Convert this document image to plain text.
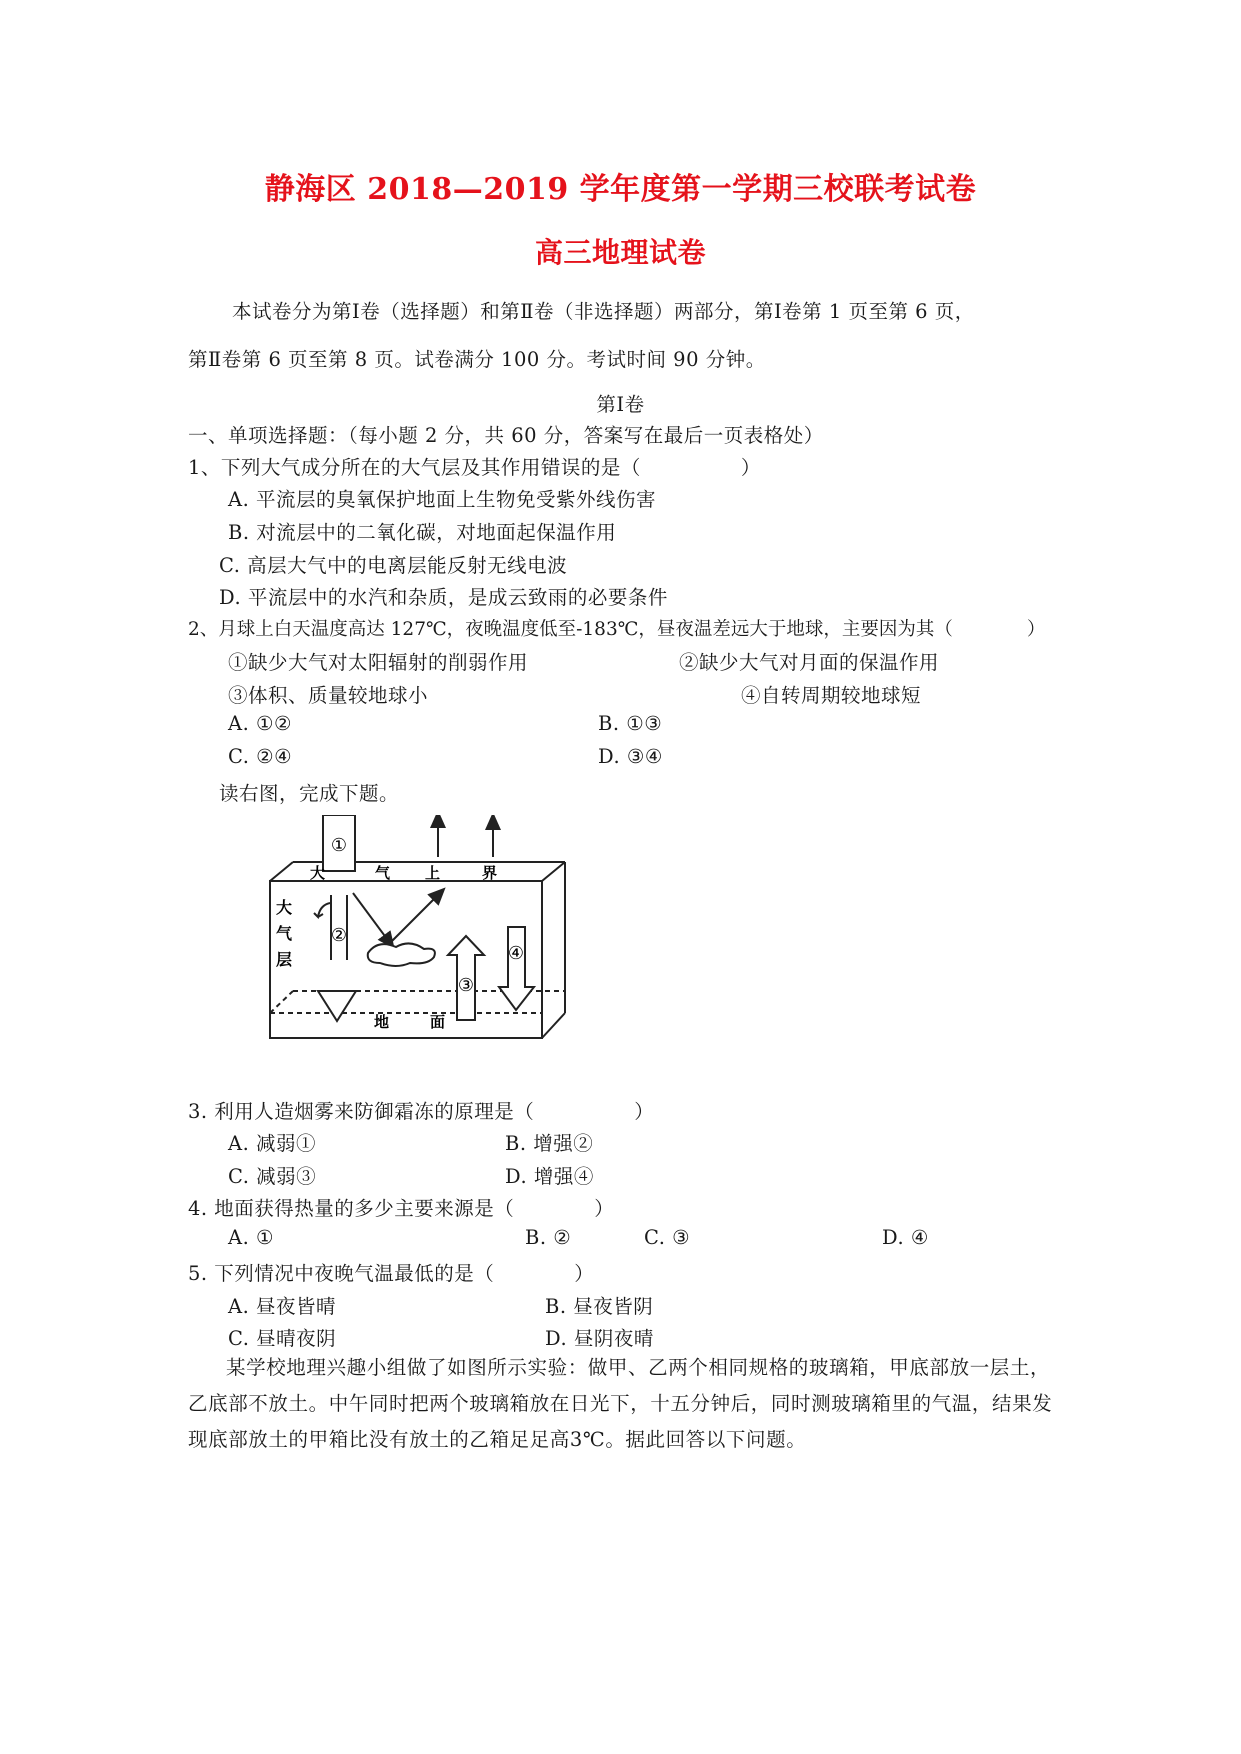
静海区 2018—2019 学年度第一学期三校联考试卷
高三地理试卷
本试卷分为第Ⅰ卷（选择题）和第Ⅱ卷（非选择题）两部分，第Ⅰ卷第 1 页至第 6 页，
第Ⅱ卷第 6 页至第 8 页。试卷满分 100 分。考试时间 90 分钟。
第Ⅰ卷
一、单项选择题：（每小题 2 分，共 60 分，答案写在最后一页表格处）
1、下列大气成分所在的大气层及其作用错误的是（　　　　　）
A. 平流层的臭氧保护地面上生物免受紫外线伤害
B. 对流层中的二氧化碳，对地面起保温作用
C. 高层大气中的电离层能反射无线电波
D. 平流层中的水汽和杂质，是成云致雨的必要条件
2、月球上白天温度高达 127℃，夜晚温度低至-183℃，昼夜温差远大于地球，主要因为其（　　　　）
①缺少大气对太阳辐射的削弱作用	②缺少大气对月面的保温作用
③体积、质量较地球小	④自转周期较地球短
A. ①②	B. ①③
C. ②④	D. ③④
读右图，完成下题。
①
②
③
④
大	气 上	界
大
气
层
地	面
3. 利用人造烟雾来防御霜冻的原理是（　　　　　）
A. 减弱①	B. 增强②
C. 减弱③	D. 增强④
4. 地面获得热量的多少主要来源是（　　　　）
A. ①	B. ②	C. ③	D. ④
5. 下列情况中夜晚气温最低的是（　　　　）
A. 昼夜皆晴	B. 昼夜皆阴
C. 昼晴夜阴	D. 昼阴夜晴
某学校地理兴趣小组做了如图所示实验：做甲、乙两个相同规格的玻璃箱，甲底部放一层土，乙底部不放土。中午同时把两个玻璃箱放在日光下，十五分钟后，同时测玻璃箱里的气温，结果发现底部放土的甲箱比没有放土的乙箱足足高3℃。据此回答以下问题。
